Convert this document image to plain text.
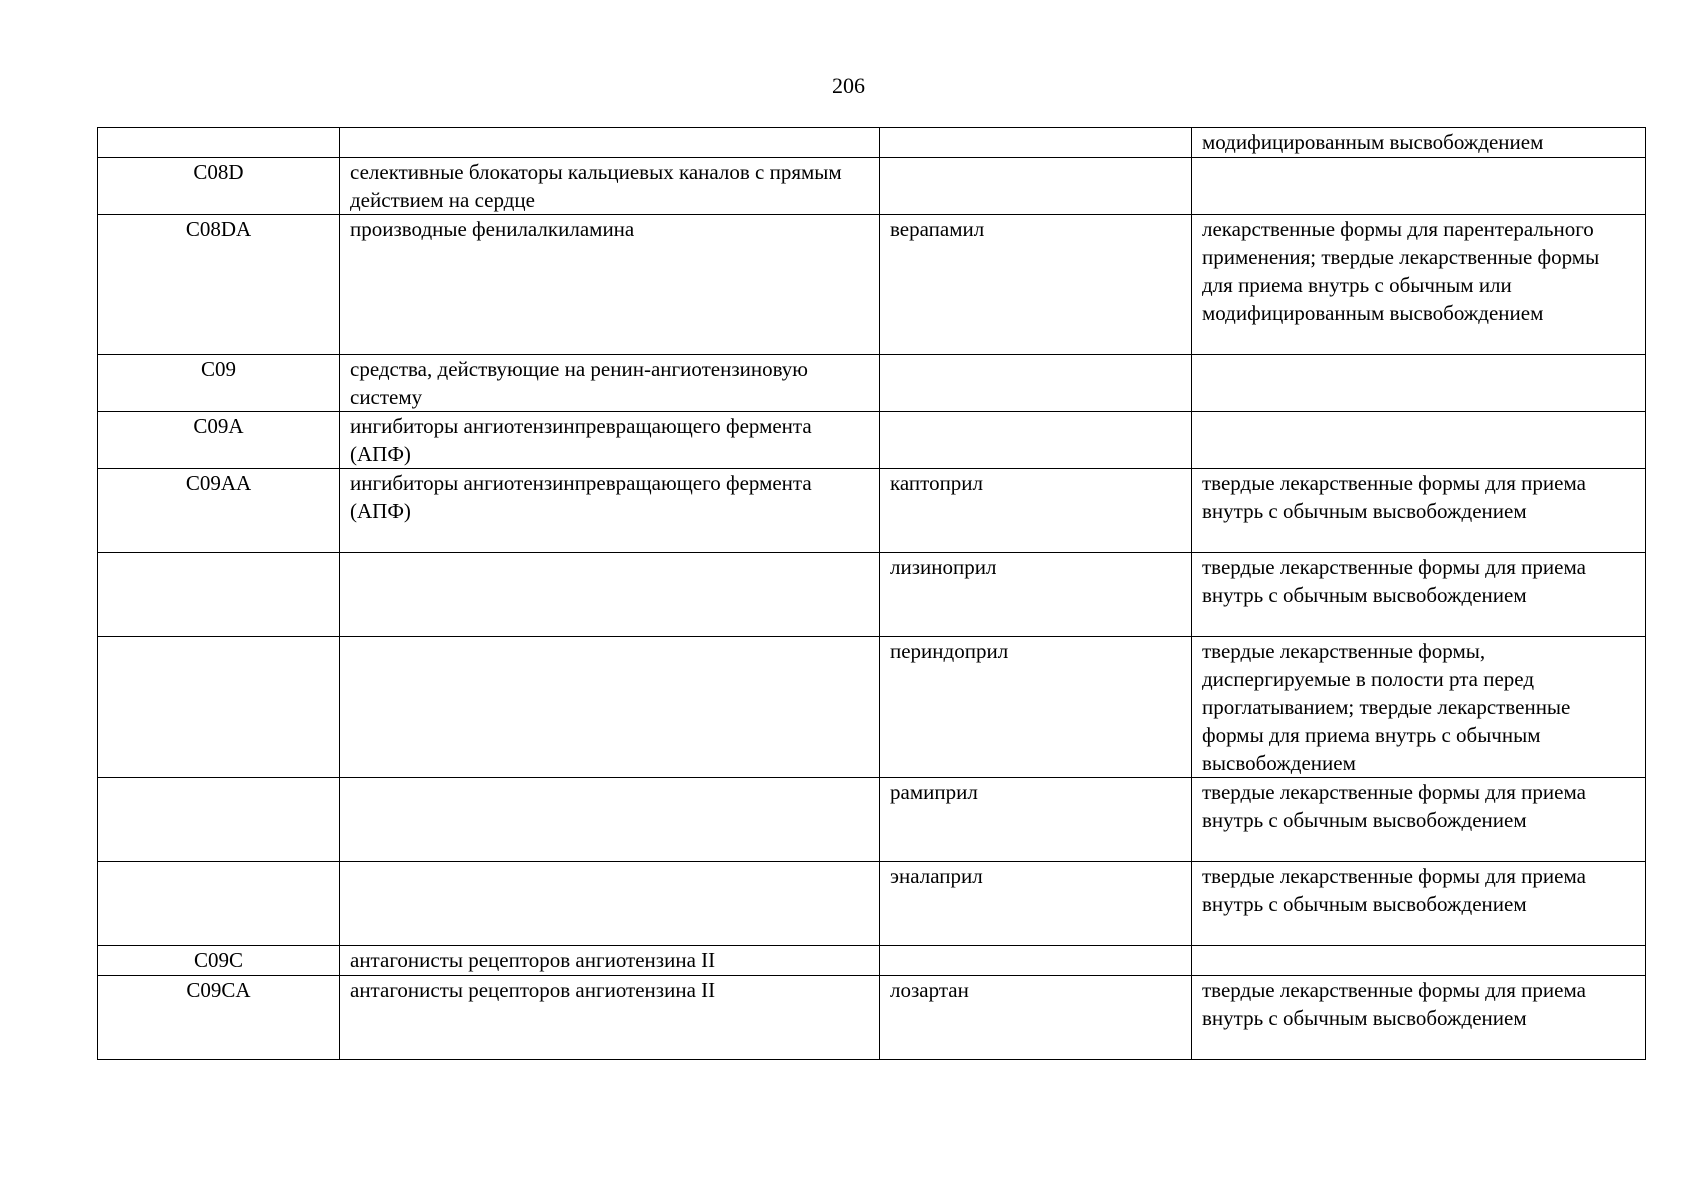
206
			модифицированным высвобождением
C08D	селективные блокаторы кальциевых каналов с прямым действием на сердце		
C08DA	производные фенилалкиламина	верапамил	лекарственные формы для парентерального применения; твердые лекарственные формы для приема внутрь с обычным или модифицированным высвобождением
C09	средства, действующие на ренин-ангиотензиновую систему		
C09A	ингибиторы ангиотензинпревращающего фермента (АПФ)		
C09AA	ингибиторы ангиотензинпревращающего фермента (АПФ)	каптоприл	твердые лекарственные формы для приема внутрь с обычным высвобождением
		лизиноприл	твердые лекарственные формы для приема внутрь с обычным высвобождением
		периндоприл	твердые лекарственные формы, диспергируемые в полости рта перед проглатыванием; твердые лекарственные формы для приема внутрь с обычным высвобождением
		рамиприл	твердые лекарственные формы для приема внутрь с обычным высвобождением
		эналаприл	твердые лекарственные формы для приема внутрь с обычным высвобождением
C09C	антагонисты рецепторов ангиотензина II		
C09CA	антагонисты рецепторов ангиотензина II	лозартан	твердые лекарственные формы для приема внутрь с обычным высвобождением
